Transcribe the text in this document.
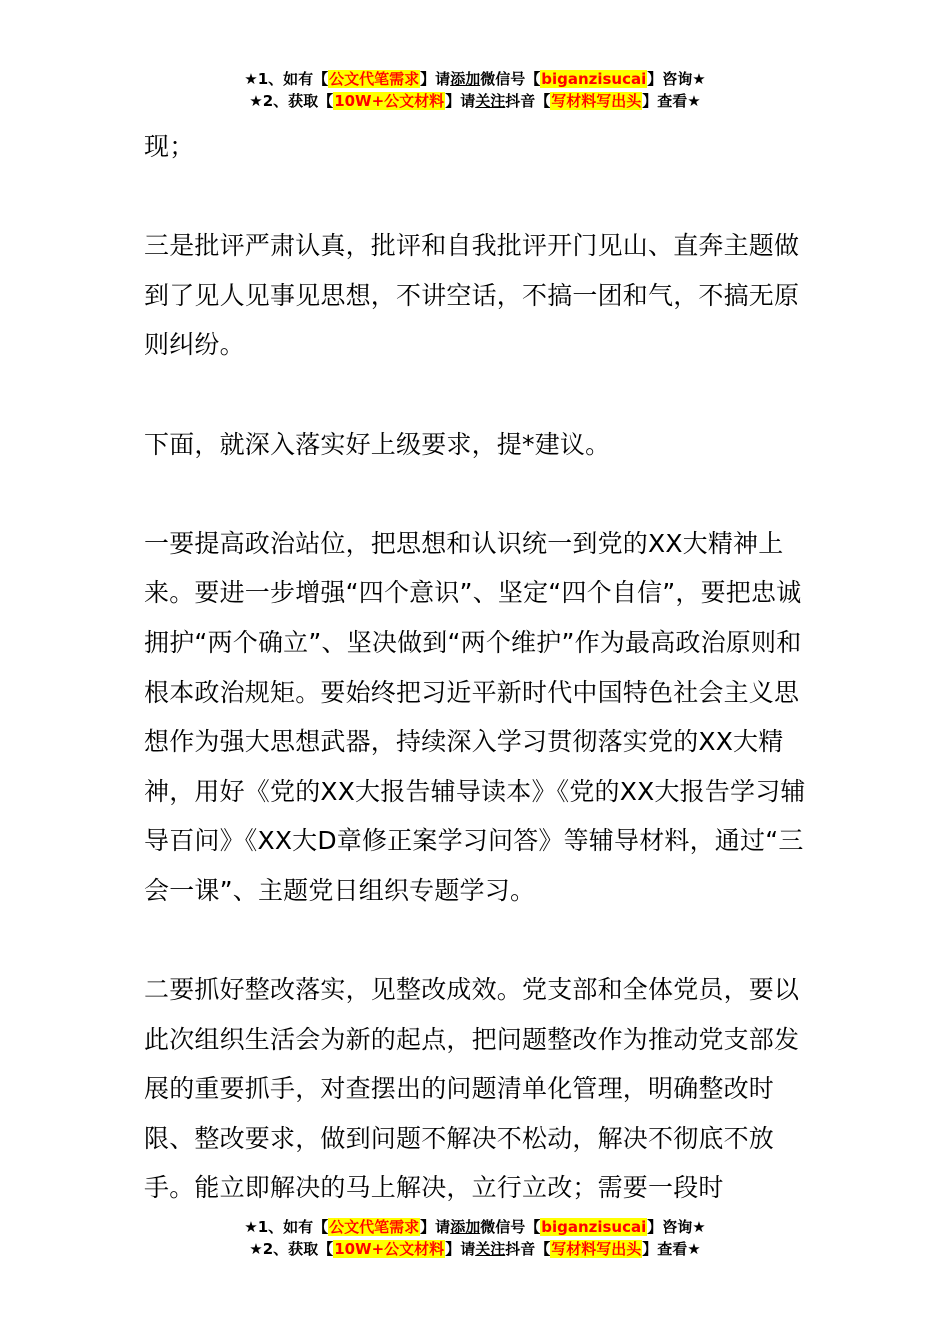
★1、如有【公文代笔需求】请添加微信号【biganzisucai】咨询★
★2、获取【10W+公文材料】请关注抖音【写材料写出头】查看★

现；

三是批评严肃认真，批评和自我批评开门见山、直奔主题做到了见人见事见思想，不讲空话，不搞一团和气，不搞无原则纠纷。

下面，就深入落实好上级要求，提*建议。

一要提高政治站位，把思想和认识统一到党的XX大精神上来。要进一步增强“四个意识”、坚定“四个自信”，要把忠诚拥护“两个确立”、坚决做到“两个维护”作为最高政治原则和根本政治规矩。要始终把习近平新时代中国特色社会主义思想作为强大思想武器，持续深入学习贯彻落实党的XX大精神，用好《党的XX大报告辅导读本》《党的XX大报告学习辅导百问》《XX大D章修正案学习问答》等辅导材料，通过“三会一课”、主题党日组织专题学习。

二要抓好整改落实，见整改成效。党支部和全体党员，要以此次组织生活会为新的起点，把问题整改作为推动党支部发展的重要抓手，对查摆出的问题清单化管理，明确整改时限、整改要求，做到问题不解决不松动，解决不彻底不放手。能立即解决的马上解决，立行立改；需要一段时

★1、如有【公文代笔需求】请添加微信号【biganzisucai】咨询★
★2、获取【10W+公文材料】请关注抖音【写材料写出头】查看★
